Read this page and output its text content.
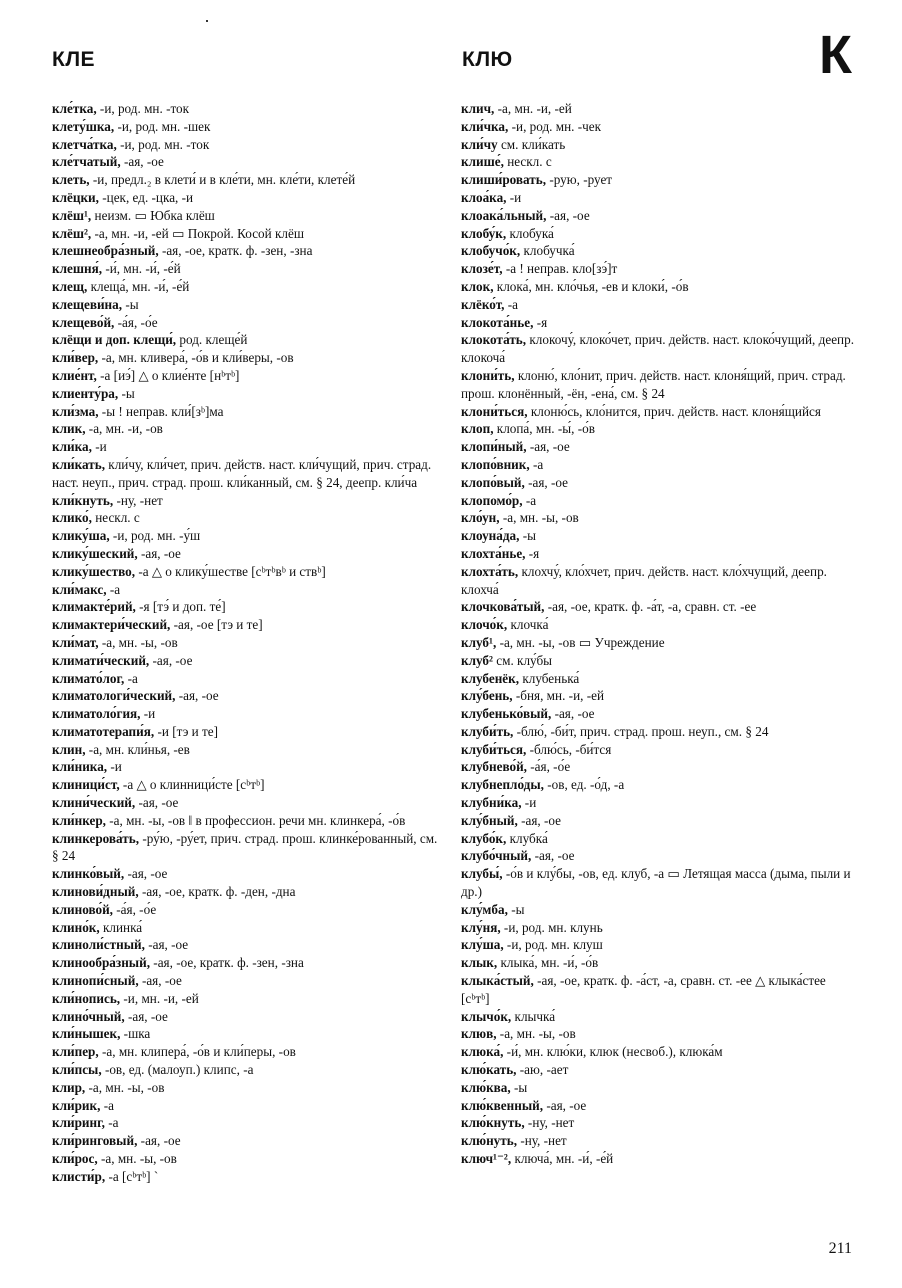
КЛЕ	КЛЮ	К
кле́тка, -и, род. мн. -ток
клету́шка, -и, род. мн. -шек
клетча́тка, -и, род. мн. -ток
кле́тчатый, -ая, -ое
клеть, -и, предл.₂ в клети́ и в кле́ти, мн. кле́ти, клете́й
клёцки, -цек, ед. -цка, -и
клёш¹, неизм. ▭ Юбка клёш
клёш², -а, мн. -и, -ей ▭ Покрой. Косой клёш
клешнеобра́зный, -ая, -ое, кратк. ф. -зен, -зна
клешня́, -и́, мн. -и́, -е́й
клещ, клеща́, мн. -и́, -е́й
клещеви́на, -ы
клещево́й, -а́я, -о́е
клёщи и доп. клещи́, род. клеще́й
кли́вер, -а, мн. кливера́, -о́в и кли́веры, -ов
клие́нт, -а [иэ́] △ о клие́нте [нᵇтᵇ]
клиенту́ра, -ы
кли́зма, -ы ! неправ. кли́[зᵇ]ма
клик, -а, мн. -и, -ов
кли́ка, -и
кли́кать, кли́чу, кли́чет, прич. действ. наст. кли́чущий, прич. страд. наст. неуп., прич. страд. прош. кли́канный, см. § 24, деепр. кли́ча
кли́кнуть, -ну, -нет
клико́, нескл. с
клику́ша, -и, род. мн. -у́ш
клику́шеский, -ая, -ое
клику́шество, -а △ о клику́шестве [сᵇтᵇвᵇ и ствᵇ]
кли́макс, -а
климакте́рий, -я [тэ́ и доп. те́]
климактери́ческий, -ая, -ое [тэ и те]
кли́мат, -а, мн. -ы, -ов
климати́ческий, -ая, -ое
климато́лог, -а
климатологи́ческий, -ая, -ое
климатоло́гия, -и
климатотерапи́я, -и [тэ и те]
клин, -а, мн. кли́нья, -ев
кли́ника, -и
клиници́ст, -а △ о клинници́сте [сᵇтᵇ]
клини́ческий, -ая, -ое
кли́нкер, -а, мн. -ы, -ов ‖ в профессион. речи мн. клинкера́, -о́в
клинкерова́ть, -ру́ю, -ру́ет, прич. страд. прош. клинке́рованный, см. § 24
клинко́вый, -ая, -ое
клинови́дный, -ая, -ое, кратк. ф. -ден, -дна
клиново́й, -а́я, -о́е
клино́к, клинка́
клинoли́стный, -ая, -ое
клинообра́зный, -ая, -ое, кратк. ф. -зен, -зна
клинопи́сный, -ая, -ое
кли́нопись, -и, мн. -и, -ей
клино́чный, -ая, -ое
кли́нышек, -шка
кли́пер, -а, мн. клипера́, -о́в и кли́перы, -ов
кли́псы, -ов, ед. (малоуп.) клипс, -а
клир, -а, мн. -ы, -ов
кли́рик, -а
кли́ринг, -а
кли́ринговый, -ая, -ое
кли́рос, -а, мн. -ы, -ов
клисти́р, -а [сᵇтᵇ] `
клич, -а, мн. -и, -ей
кли́чка, -и, род. мн. -чек
кли́чу см. кли́кать
клише́, нескл. с
клиши́ровать, -рую, -рует
клоа́ка, -и
клоака́льный, -ая, -ое
клобу́к, клобука́
клобучо́к, клобучка́
клозе́т, -а ! неправ. кло[зэ́]т
клок, клока́, мн. кло́чья, -ев и клоки́, -о́в
клёко́т, -а
клокота́нье, -я
клокота́ть, клокочу́, клоко́чет, прич. действ. наст. клоко́чущий, деепр. клокоча́
клони́ть, клоню́, кло́нит, прич. действ. наст. клоня́щий, прич. страд. прош. клонённый, -ён, -ена́, см. § 24
клони́ться, клоню́сь, кло́нится, прич. действ. наст. клоня́щийся
клоп, клопа́, мн. -ы́, -о́в
клопи́ный, -ая, -ое
клопо́вник, -а
клопо́вый, -ая, -ое
клопомо́р, -а
кло́ун, -а, мн. -ы, -ов
клоуна́да, -ы
клохта́нье, -я
клохта́ть, клохчу́, кло́хчет, прич. действ. наст. кло́хчущий, деепр. клохча́
клочкова́тый, -ая, -ое, кратк. ф. -а́т, -а, сравн. ст. -ее
клочо́к, клочка́
клуб¹, -а, мн. -ы, -ов ▭ Учреждение
клуб² см. клу́бы
клубенёк, клубенька́
клу́бень, -бня, мн. -и, -ей
клубенько́вый, -ая, -ое
клуби́ть, -блю́, -би́т, прич. страд. прош. неуп., см. § 24
клуби́ться, -блю́сь, -би́тся
клубнево́й, -а́я, -о́е
клубнепло́ды, -ов, ед. -о́д, -а
клубни́ка, -и
клу́бный, -ая, -ое
клубо́к, клубка́
клубо́чный, -ая, -ое
клубы́, -о́в и клу́бы, -ов, ед. клуб, -а ▭ Летящая масса (дыма, пыли и др.)
клу́мба, -ы
клу́ня, -и, род. мн. клунь
клу́ша, -и, род. мн. клуш
клык, клыка́, мн. -и́, -о́в
клыка́стый, -ая, -ое, кратк. ф. -а́ст, -а, сравн. ст. -ее △ клыка́стее [сᵇтᵇ]
клычо́к, клычка́
клюв, -а, мн. -ы, -ов
клюка́, -и́, мн. клю́ки, клюк (несвоб.), клюка́м
клю́кать, -аю, -ает
клю́ква, -ы
клю́квенный, -ая, -ое
клю́кнуть, -ну, -нет
клю́нуть, -ну, -нет
ключ¹⁻², ключа́, мн. -и́, -е́й
211
